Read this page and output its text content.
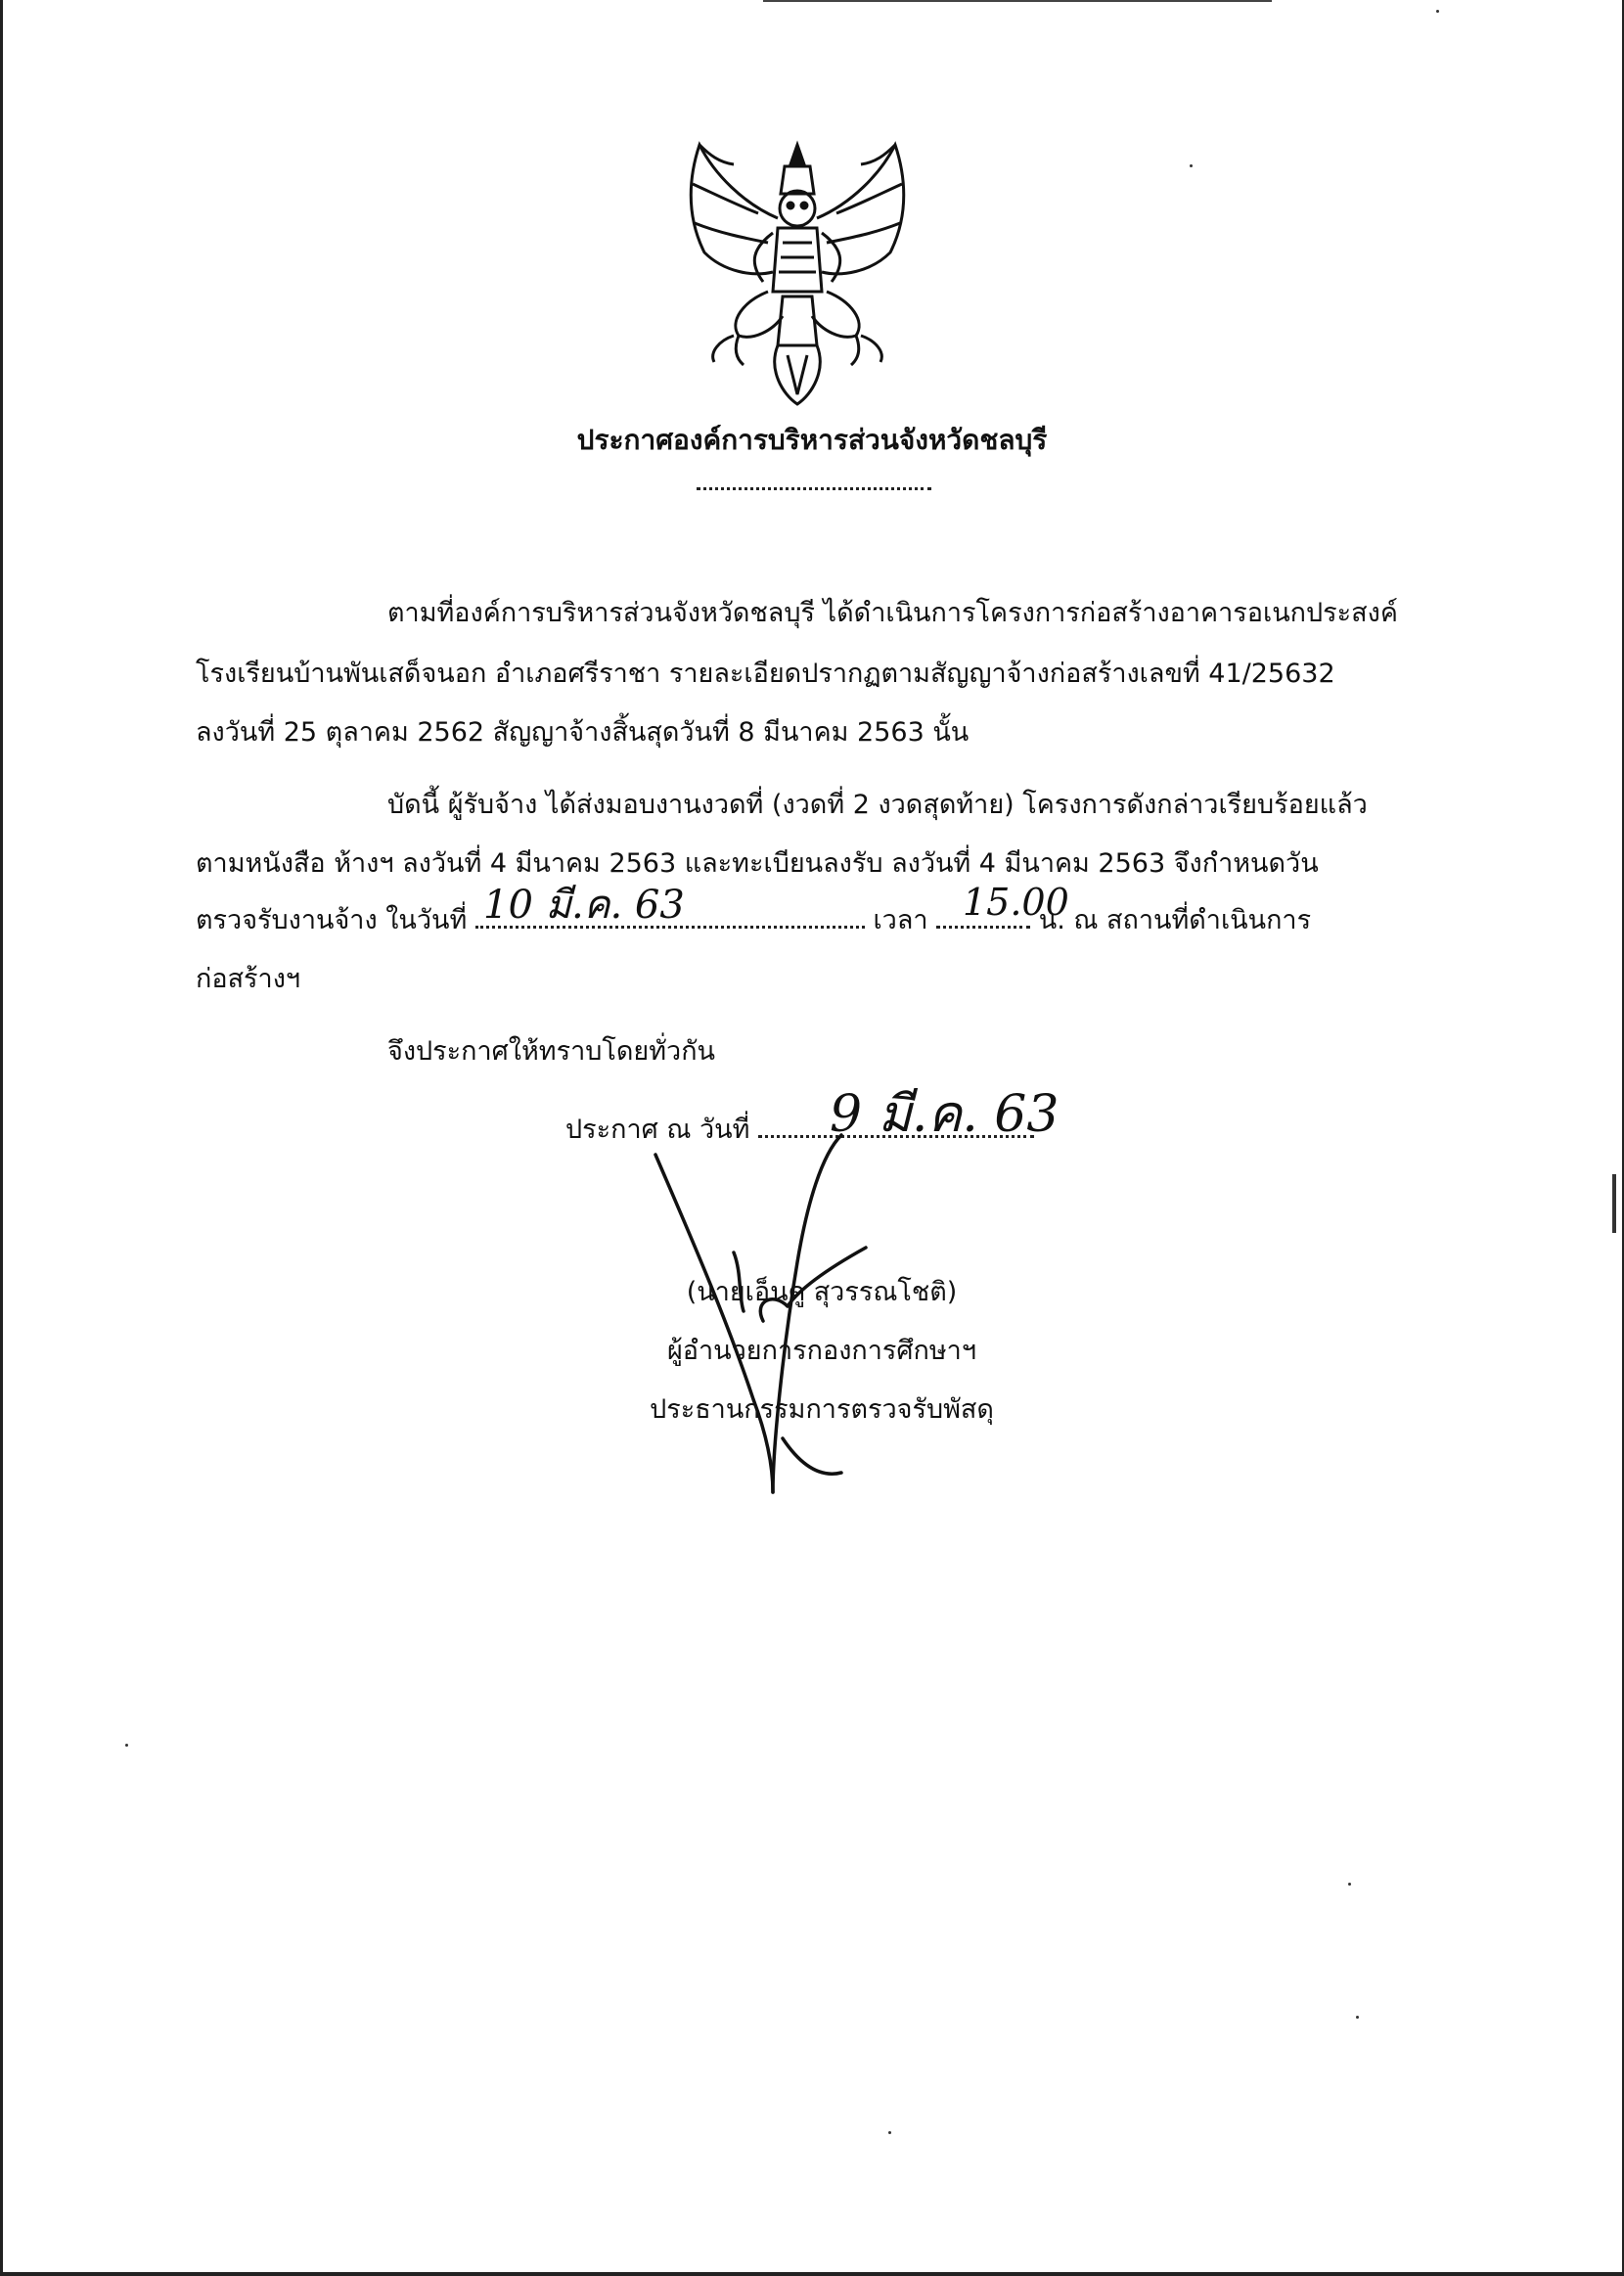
ประกาศองค์การบริหารส่วนจังหวัดชลบุรี
ตามที่องค์การบริหารส่วนจังหวัดชลบุรี ได้ดำเนินการโครงการก่อสร้างอาคารอเนกประสงค์
โรงเรียนบ้านพันเสด็จนอก อำเภอศรีราชา รายละเอียดปรากฏตามสัญญาจ้างก่อสร้างเลขที่ 41/25632
ลงวันที่ 25 ตุลาคม 2562 สัญญาจ้างสิ้นสุดวันที่ 8 มีนาคม 2563 นั้น
บัดนี้ ผู้รับจ้าง ได้ส่งมอบงานงวดที่ (งวดที่ 2 งวดสุดท้าย) โครงการดังกล่าวเรียบร้อยแล้ว
ตามหนังสือ ห้างฯ ลงวันที่ 4 มีนาคม 2563 และทะเบียนลงรับ ลงวันที่ 4 มีนาคม 2563 จึงกำหนดวัน
ตรวจรับงานจ้าง ในวันที่	เวลา	น. ณ สถานที่ดำเนินการ
10 มี.ค. 63	15.00
ก่อสร้างฯ
จึงประกาศให้ทราบโดยทั่วกัน
ประกาศ ณ วันที่	9 มี.ค. 63
(นายเอ็นดู สุวรรณโชติ)
ผู้อำนวยการกองการศึกษาฯ
ประธานกรรมการตรวจรับพัสดุ
